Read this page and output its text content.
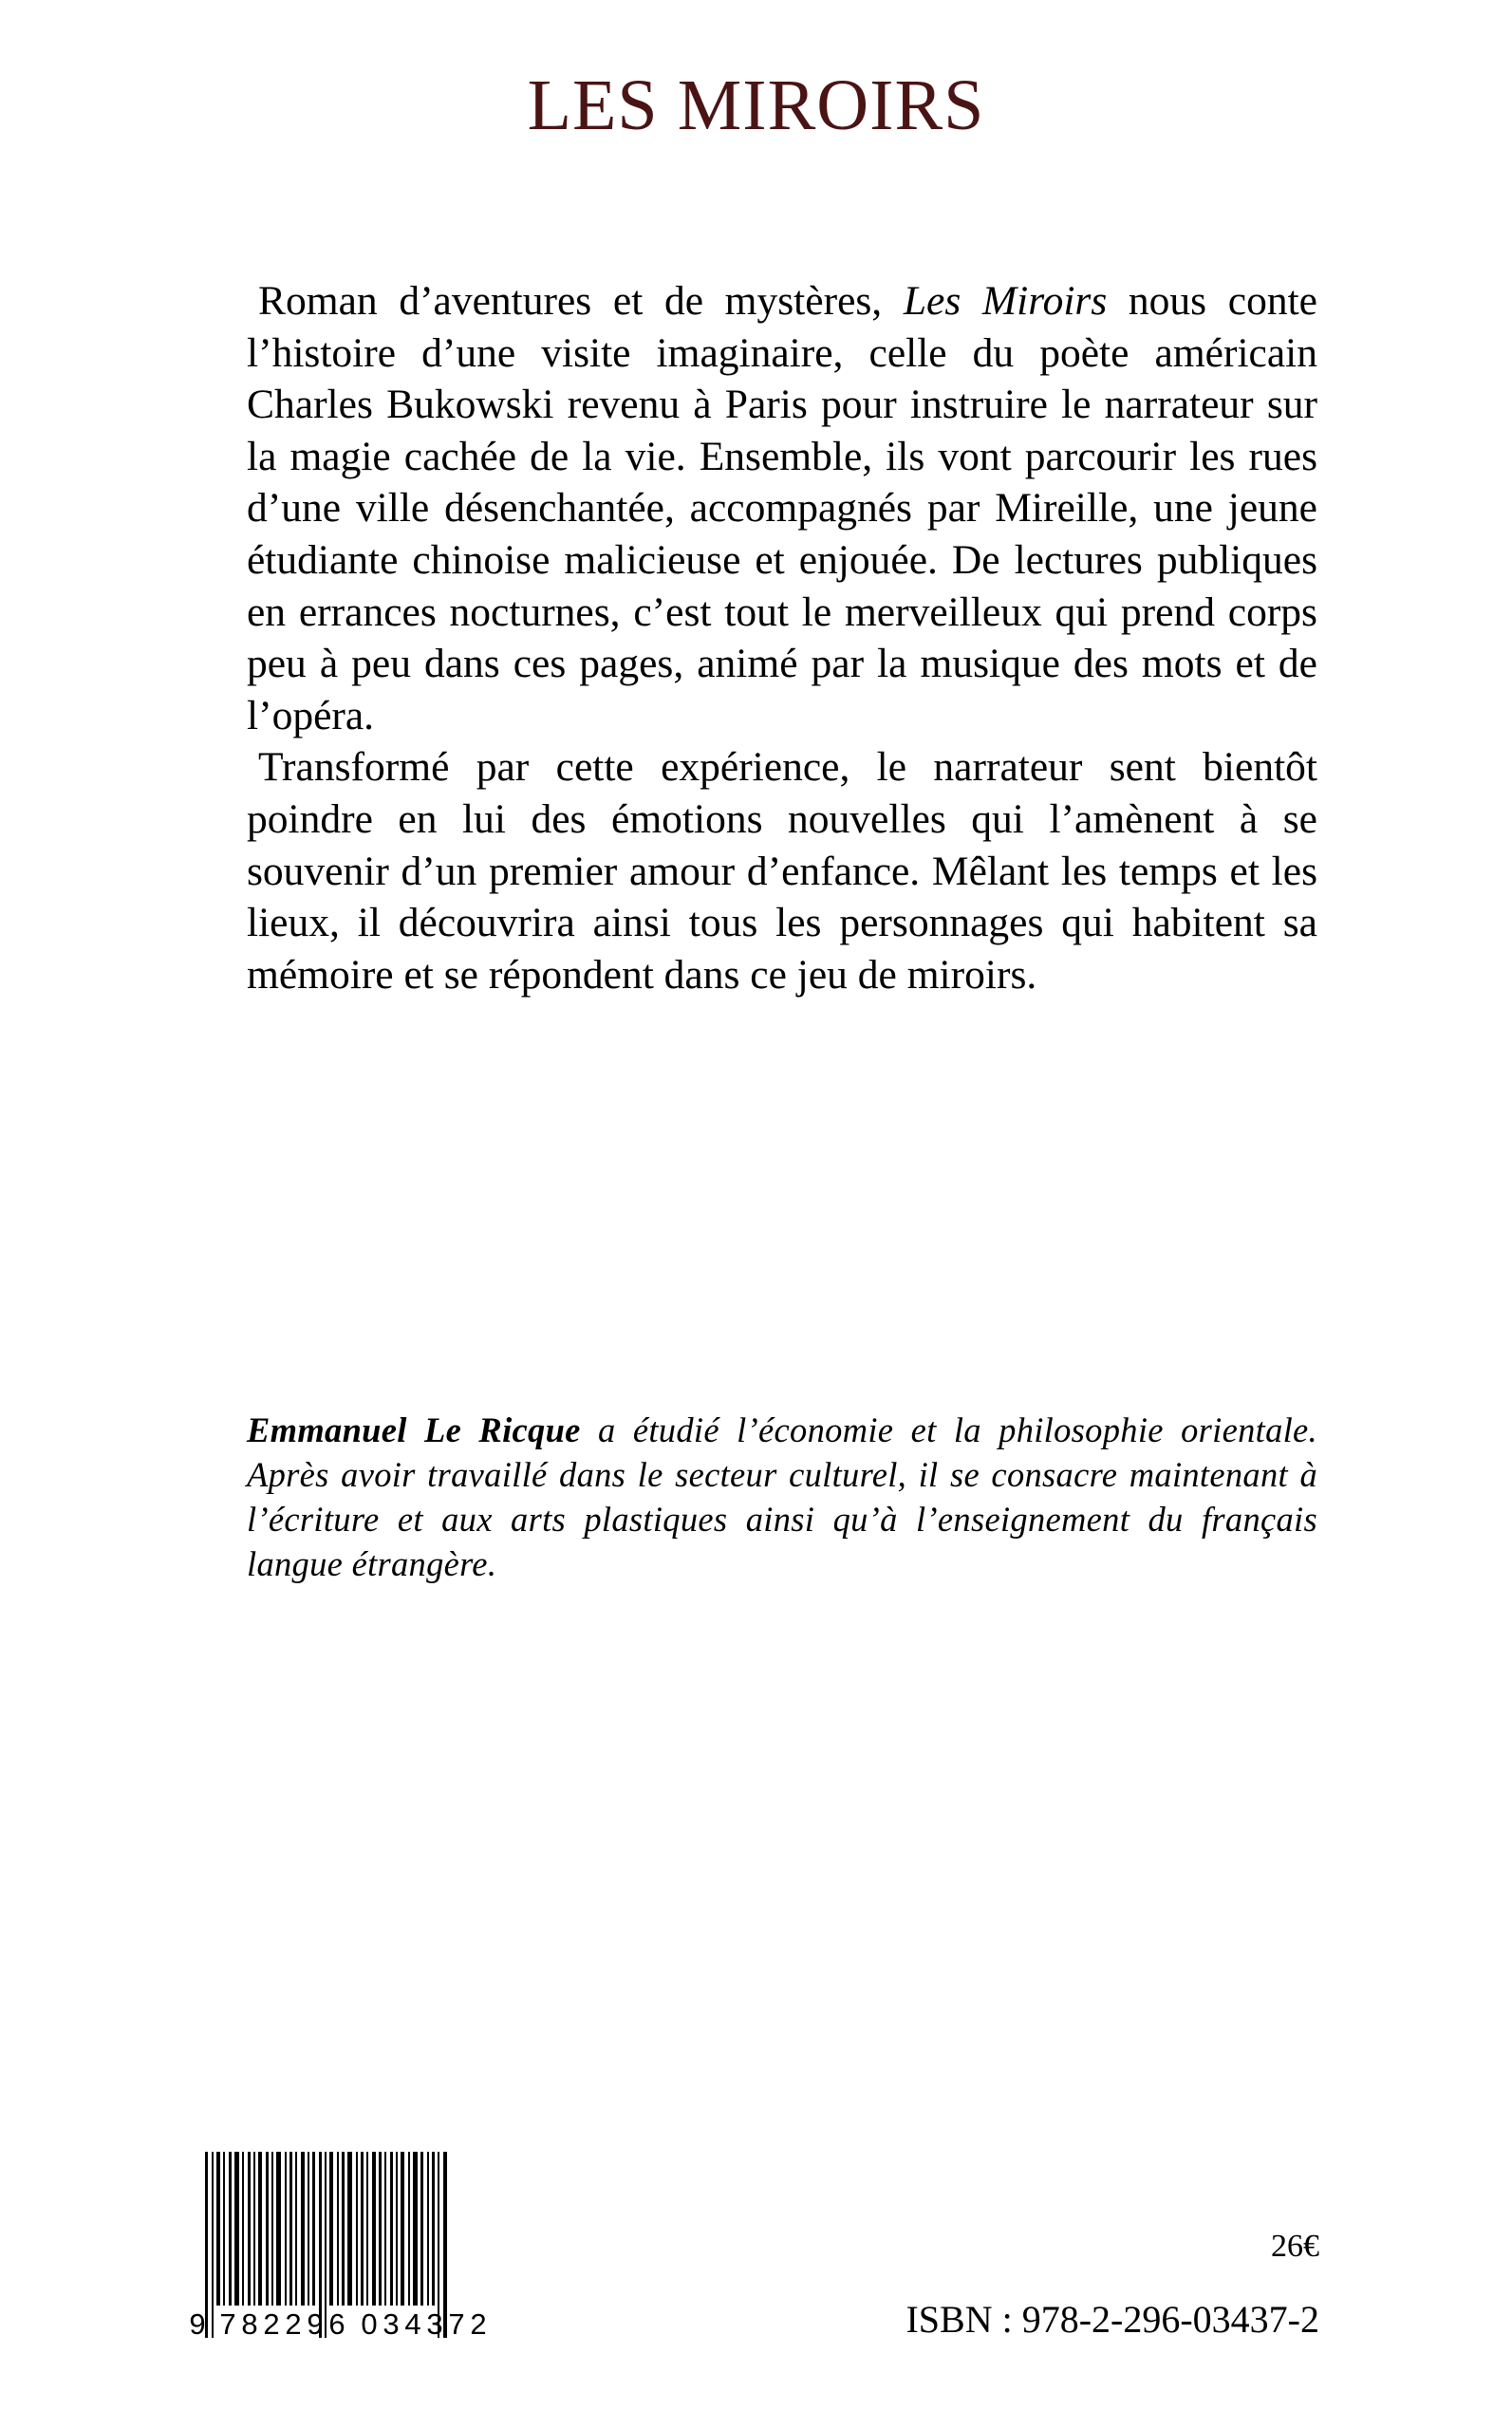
LES MIROIRS

Roman d’aventures et de mystères, Les Miroirs nous conte l’histoire d’une visite imaginaire, celle du poète américain Charles Bukowski revenu à Paris pour instruire le narrateur sur la magie cachée de la vie. Ensemble, ils vont parcourir les rues d’une ville désenchantée, accompagnés par Mireille, une jeune étudiante chinoise malicieuse et enjouée. De lectures publiques en errances nocturnes, c’est tout le merveilleux qui prend corps peu à peu dans ces pages, animé par la musique des mots et de l’opéra.

Transformé par cette expérience, le narrateur sent bientôt poindre en lui des émotions nouvelles qui l’amènent à se souvenir d’un premier amour d’enfance. Mêlant les temps et les lieux, il découvrira ainsi tous les personnages qui habitent sa mémoire et se répondent dans ce jeu de miroirs.

Emmanuel Le Ricque a étudié l’économie et la philosophie orientale. Après avoir travaillé dans le secteur culturel, il se consacre maintenant à l’écriture et aux arts plastiques ainsi qu’à l’enseignement du français langue étrangère.

9 7 8 2 2 9 6 0 3 4 3 7 2
26€
ISBN : 978-2-296-03437-2
